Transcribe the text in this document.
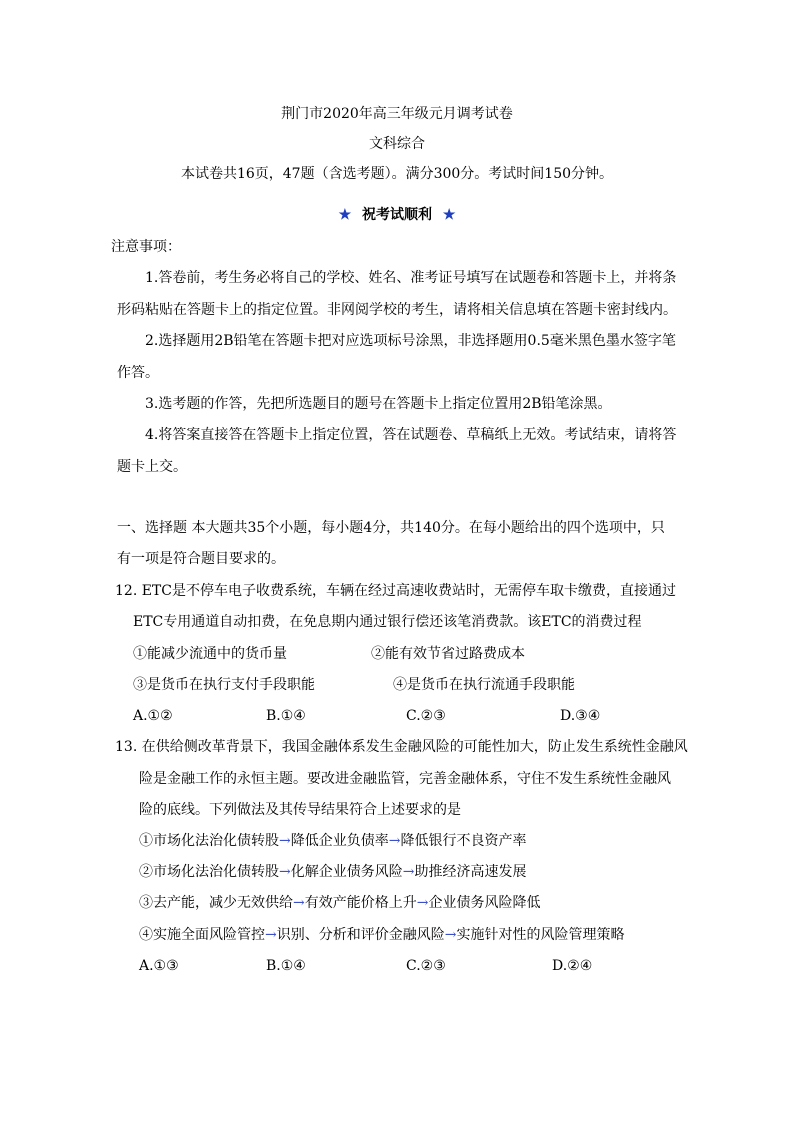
荆门市2020年高三年级元月调考试卷
文科综合
本试卷共16页，47题（含选考题）。满分300分。考试时间150分钟。
★ 祝考试顺利 ★
注意事项：
1.答卷前，考生务必将自己的学校、姓名、准考证号填写在试题卷和答题卡上，并将条
形码粘贴在答题卡上的指定位置。非网阅学校的考生，请将相关信息填在答题卡密封线内。
2.选择题用2B铅笔在答题卡把对应选项标号涂黑，非选择题用0.5毫米黑色墨水签字笔
作答。
3.选考题的作答，先把所选题目的题号在答题卡上指定位置用2B铅笔涂黑。
4.将答案直接答在答题卡上指定位置，答在试题卷、草稿纸上无效。考试结束，请将答
题卡上交。
一、选择题 本大题共35个小题，每小题4分，共140分。在每小题给出的四个选项中，只
有一项是符合题目要求的。
12. ETC是不停车电子收费系统，车辆在经过高速收费站时，无需停车取卡缴费，直接通过
ETC专用通道自动扣费，在免息期内通过银行偿还该笔消费款。该ETC的消费过程
①能减少流通中的货币量	②能有效节省过路费成本
③是货币在执行支付手段职能	④是货币在执行流通手段职能
A.①②	B.①④	C.②③	D.③④
13. 在供给侧改革背景下，我国金融体系发生金融风险的可能性加大，防止发生系统性金融风
险是金融工作的永恒主题。要改进金融监管，完善金融体系，守住不发生系统性金融风
险的底线。下列做法及其传导结果符合上述要求的是
①市场化法治化债转股→降低企业负债率→降低银行不良资产率
②市场化法治化债转股→化解企业债务风险→助推经济高速发展
③去产能，减少无效供给→有效产能价格上升→企业债务风险降低
④实施全面风险管控→识别、分析和评价金融风险→实施针对性的风险管理策略
A.①③	B.①④	C.②③	D.②④
